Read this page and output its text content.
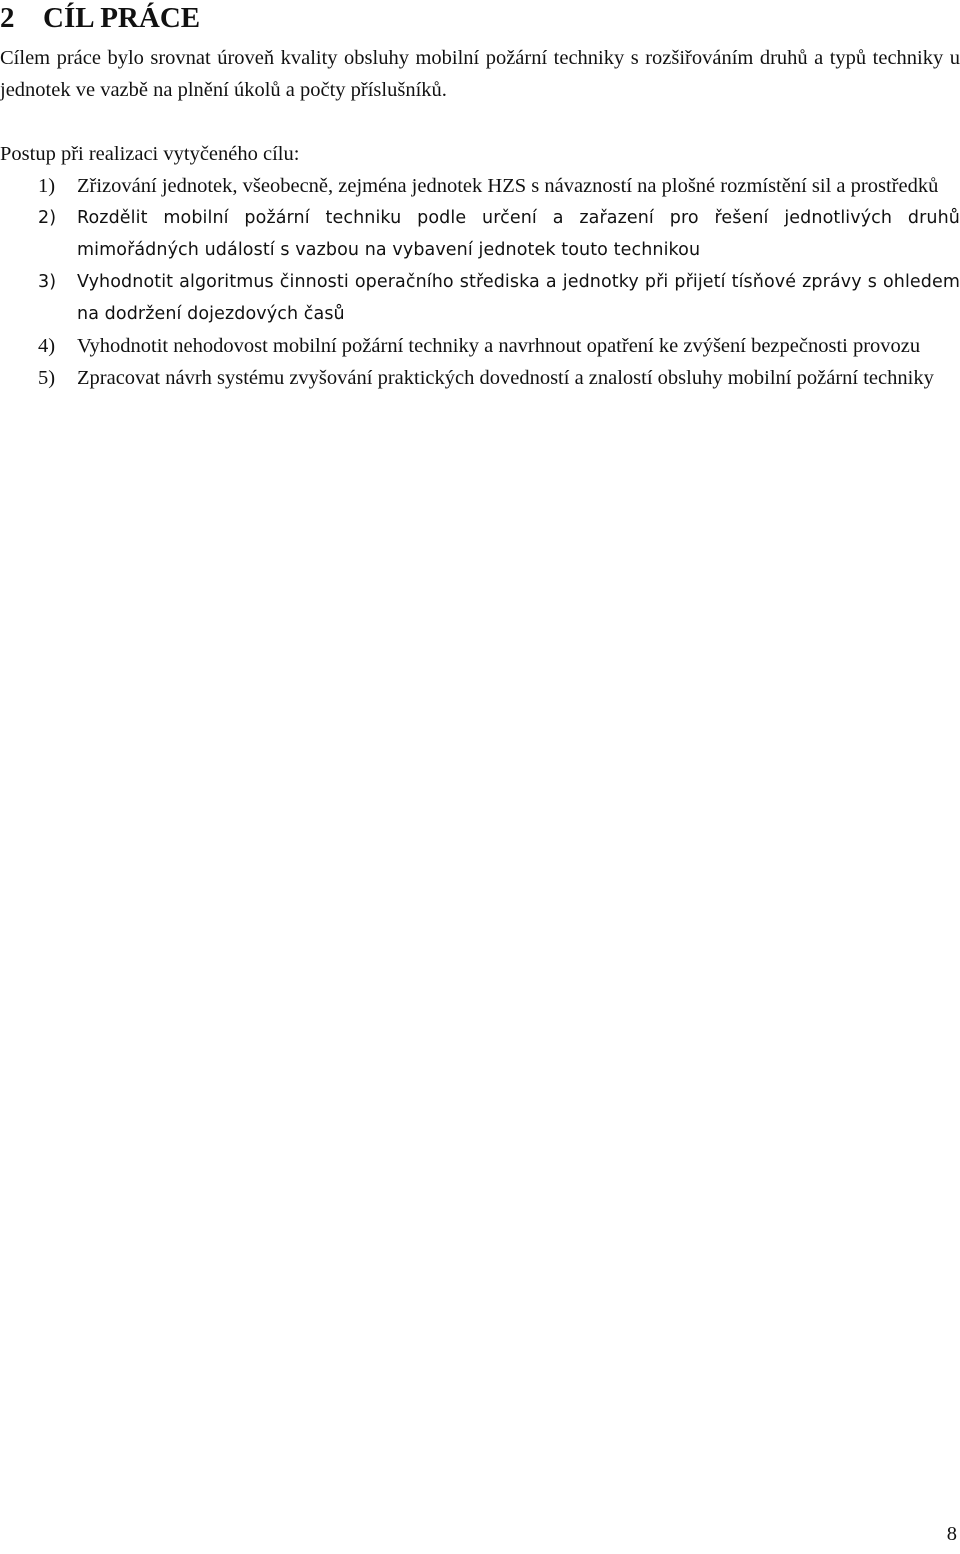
2 CÍL PRÁCE

Cílem práce bylo srovnat úroveň kvality obsluhy mobilní požární techniky s rozšiřováním druhů a typů techniky u jednotek ve vazbě na plnění úkolů a počty příslušníků.

Postup při realizaci vytyčeného cílu:

1) Zřizování jednotek, všeobecně, zejména jednotek HZS s návazností na plošné rozmístění sil a prostředků
2) Rozdělit mobilní požární techniku podle určení a zařazení pro řešení jednotlivých druhů mimořádných událostí s vazbou na vybavení jednotek touto technikou
3) Vyhodnotit algoritmus činnosti operačního střediska a jednotky při přijetí tísňové zprávy s ohledem na dodržení dojezdových časů
4) Vyhodnotit nehodovost mobilní požární techniky a navrhnout opatření ke zvýšení bezpečnosti provozu
5) Zpracovat návrh systému zvyšování praktických dovedností a znalostí obsluhy mobilní požární techniky
8
